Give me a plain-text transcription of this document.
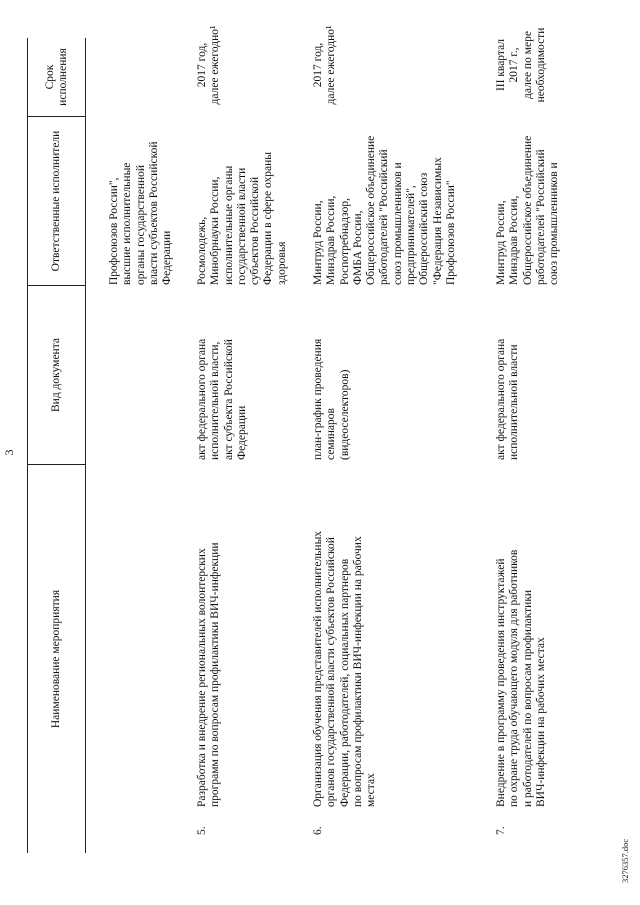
3
Наименование мероприятия
Вид документа
Ответственные исполнители
Срок
исполнения
Профсоюзов России",
высшие исполнительные
органы государственной
власти субъектов Российской
Федерации
5.
Разработка и внедрение региональных волонтерских
программ по вопросам профилактики ВИЧ-инфекции
акт федерального органа
исполнительной власти,
акт субъекта Российской
Федерации
Росмолодежь,
Минобрнауки России,
исполнительные органы
государственной власти
субъектов Российской
Федерации в сфере охраны
здоровья
2017 год,
далее ежегодно¹
6.
Организация обучения представителей исполнительных
органов государственной власти субъектов Российской
Федерации, работодателей, социальных партнеров
по вопросам профилактики ВИЧ-инфекции на рабочих
местах
план-график проведения
семинаров
(видеоселекторов)
Минтруд России,
Минздрав России,
Роспотребнадзор,
ФМБА России,
Общероссийское объединение
работодателей "Российский
союз промышленников и
предпринимателей",
Общероссийский союз
"Федерация Независимых
Профсоюзов России"
2017 год,
далее ежегодно¹
7.
Внедрение в программу проведения инструктажей
по охране труда обучающего модуля для работников
и работодателей по вопросам профилактики
ВИЧ-инфекции на рабочих местах
акт федерального органа
исполнительной власти
Минтруд России,
Минздрав России,
Общероссийское объединение
работодателей "Российский
союз промышленников и
III квартал
2017 г.,
далее по мере
необходимости
3276357.doc
